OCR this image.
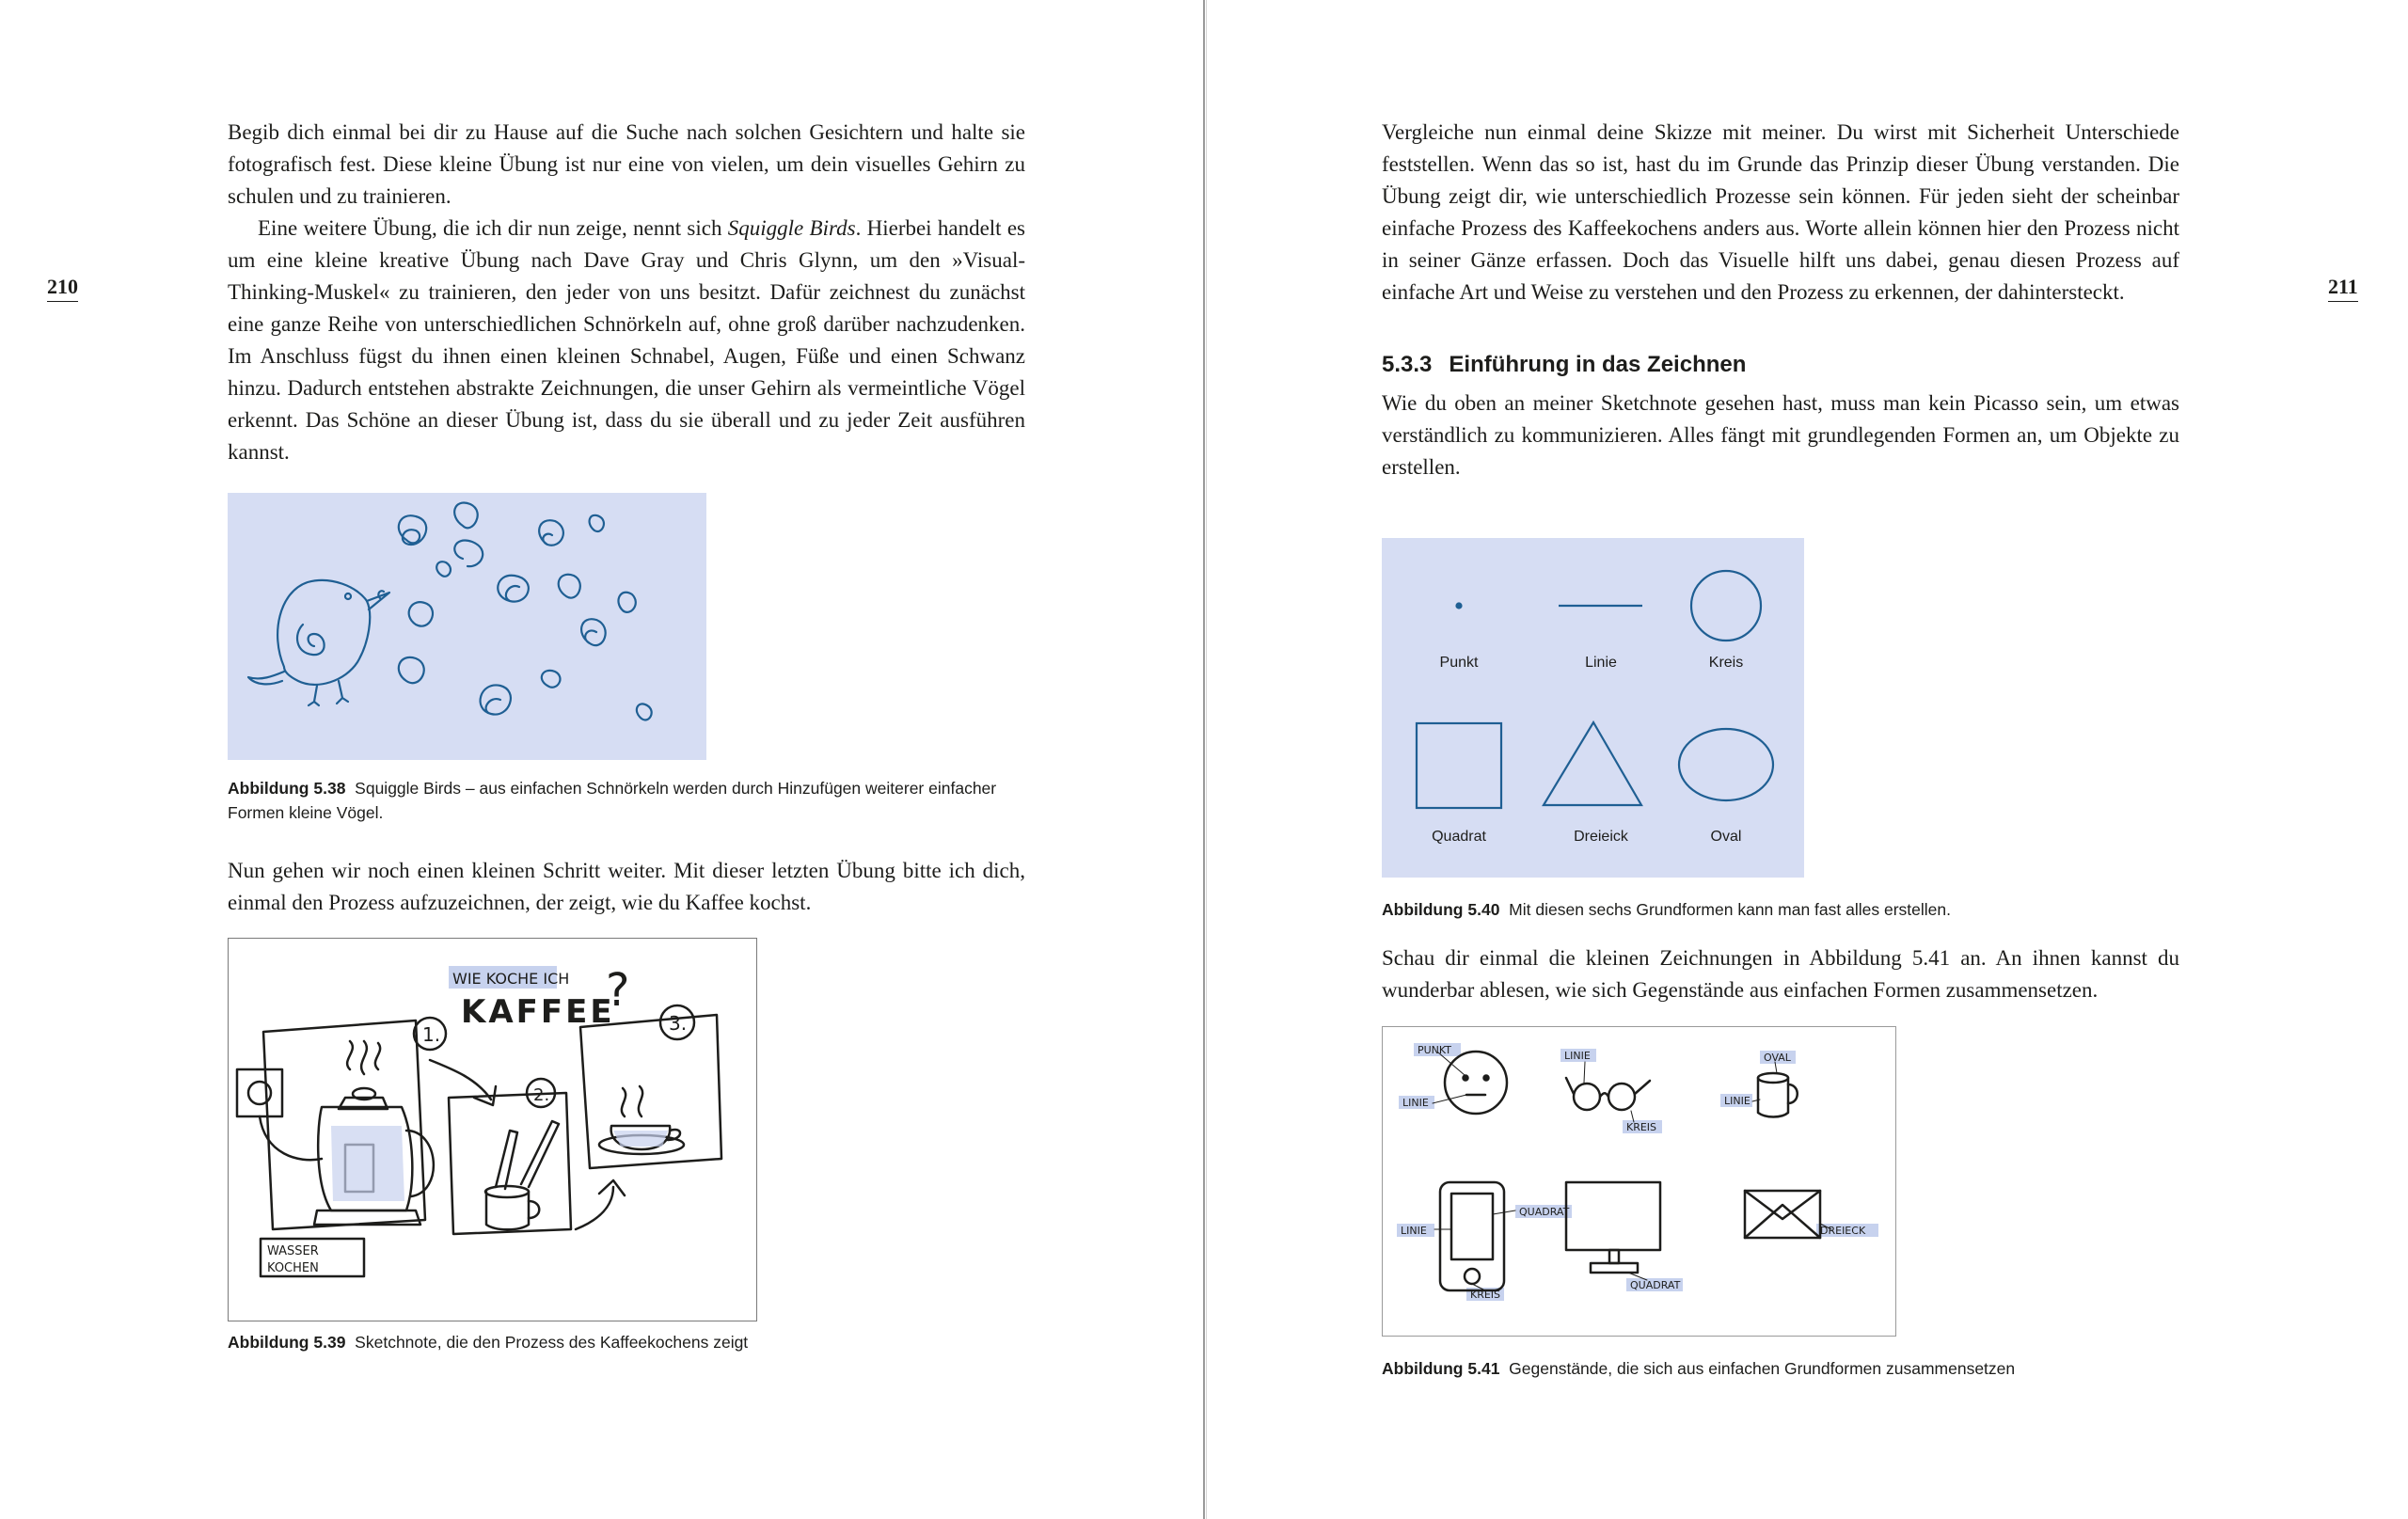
210

Begib dich einmal bei dir zu Hause auf die Suche nach solchen Gesichtern und halte sie fotografisch fest. Diese kleine Übung ist nur eine von vielen, um dein visuelles Gehirn zu schulen und zu trainieren.

Eine weitere Übung, die ich dir nun zeige, nennt sich Squiggle Birds. Hierbei handelt es um eine kleine kreative Übung nach Dave Gray und Chris Glynn, um den »Visual-Thinking-Muskel« zu trainieren, den jeder von uns besitzt. Dafür zeichnest du zunächst eine ganze Reihe von unterschiedlichen Schnörkeln auf, ohne groß darüber nachzudenken. Im Anschluss fügst du ihnen einen kleinen Schnabel, Augen, Füße und einen Schwanz hinzu. Dadurch entstehen abstrakte Zeichnungen, die unser Gehirn als vermeintliche Vögel erkennt. Das Schöne an dieser Übung ist, dass du sie überall und zu jeder Zeit ausführen kannst.

Abbildung 5.38 Squiggle Birds – aus einfachen Schnörkeln werden durch Hinzufügen weiterer einfacher Formen kleine Vögel.

Nun gehen wir noch einen kleinen Schritt weiter. Mit dieser letzten Übung bitte ich dich, einmal den Prozess aufzuzeichnen, der zeigt, wie du Kaffee kochst.

WIE KOCHE ICH
KAFFEE
?
1.
2.
3.
WASSER
KOCHEN
Abbildung 5.39 Sketchnote, die den Prozess des Kaffeekochens zeigt
211

Vergleiche nun einmal deine Skizze mit meiner. Du wirst mit Sicherheit Unterschiede feststellen. Wenn das so ist, hast du im Grunde das Prinzip dieser Übung verstanden. Die Übung zeigt dir, wie unterschiedlich Prozesse sein können. Für jeden sieht der scheinbar einfache Prozess des Kaffeekochens anders aus. Worte allein können hier den Prozess nicht in seiner Gänze erfassen. Doch das Visuelle hilft uns dabei, genau diesen Prozess auf einfache Art und Weise zu verstehen und den Prozess zu erkennen, der dahintersteckt.

5.3.3 Einführung in das Zeichnen

Wie du oben an meiner Sketchnote gesehen hast, muss man kein Picasso sein, um etwas verständlich zu kommunizieren. Alles fängt mit grundlegenden Formen an, um Objekte zu erstellen.

Punkt	Linie	Kreis
Quadrat	Dreieick	Oval
Abbildung 5.40 Mit diesen sechs Grundformen kann man fast alles erstellen.

Schau dir einmal die kleinen Zeichnungen in Abbildung 5.41 an. An ihnen kannst du wunderbar ablesen, wie sich Gegenstände aus einfachen Formen zusammensetzen.

PUNKT
LINIE
LINIE
KREIS
OVAL
LINIE
LINIE
QUADRAT
KREIS
QUADRAT
DREIECK
Abbildung 5.41 Gegenstände, die sich aus einfachen Grundformen zusammensetzen
